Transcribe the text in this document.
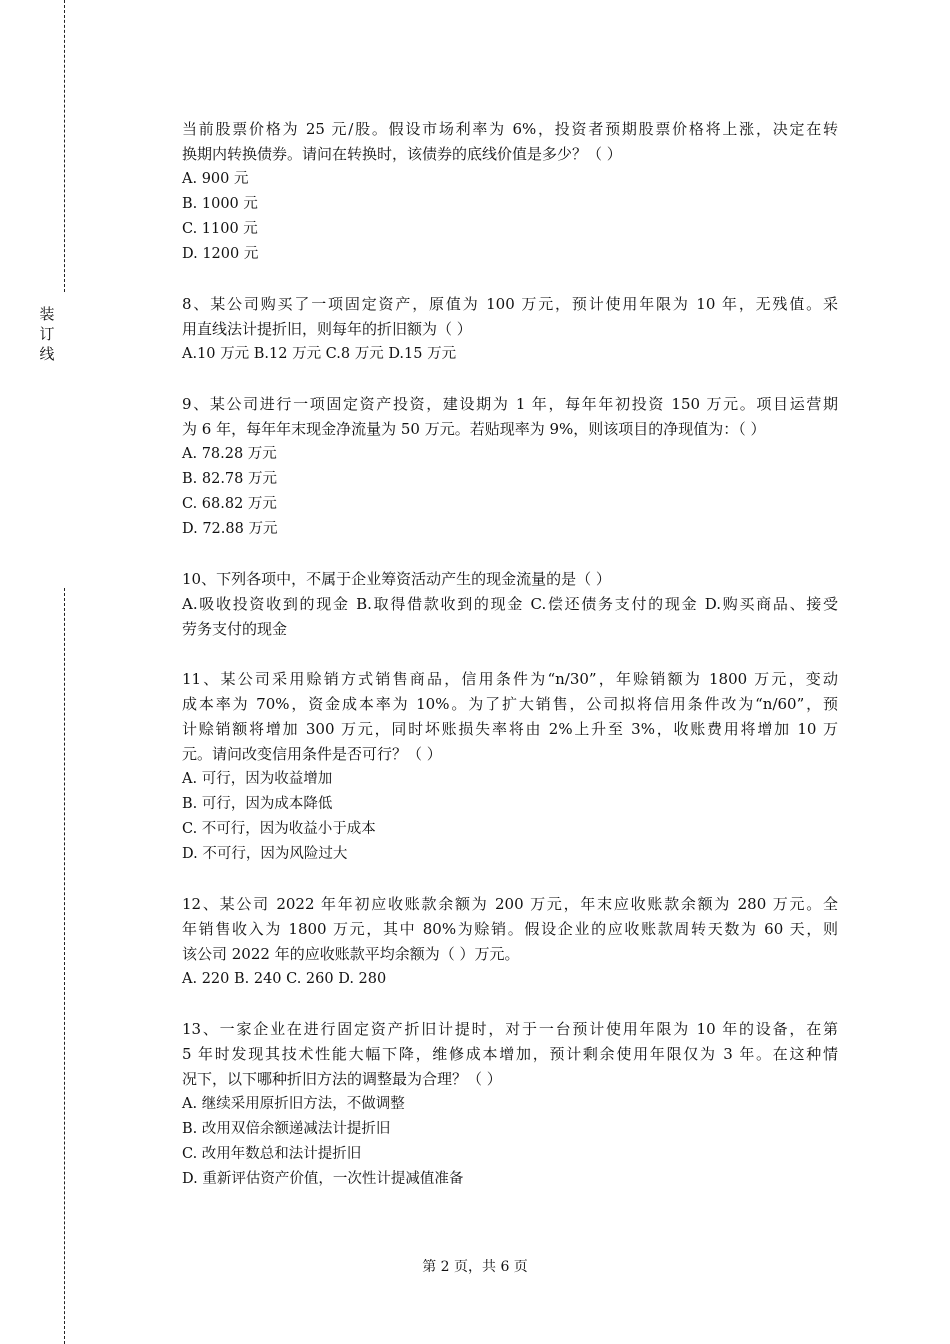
装
订
线
当前股票价格为 25 元/股。假设市场利率为 6%，投资者预期股票价格将上涨，决定在转
换期内转换债券。请问在转换时，该债券的底线价值是多少？（ ）
A. 900 元
B. 1000 元
C. 1100 元
D. 1200 元
8、某公司购买了一项固定资产，原值为 100 万元，预计使用年限为 10 年，无残值。采
用直线法计提折旧，则每年的折旧额为（ ）
A.10 万元 B.12 万元 C.8 万元 D.15 万元
9、某公司进行一项固定资产投资，建设期为 1 年，每年年初投资 150 万元。项目运营期
为 6 年，每年年末现金净流量为 50 万元。若贴现率为 9%，则该项目的净现值为：（ ）
A. 78.28 万元
B. 82.78 万元
C. 68.82 万元
D. 72.88 万元
10、下列各项中，不属于企业筹资活动产生的现金流量的是（ ）
A.吸收投资收到的现金 B.取得借款收到的现金 C.偿还债务支付的现金 D.购买商品、接受
劳务支付的现金
11、某公司采用赊销方式销售商品，信用条件为“n/30”，年赊销额为 1800 万元，变动
成本率为 70%，资金成本率为 10%。为了扩大销售，公司拟将信用条件改为“n/60”，预
计赊销额将增加 300 万元，同时坏账损失率将由 2%上升至 3%，收账费用将增加 10 万
元。请问改变信用条件是否可行？（ ）
A. 可行，因为收益增加
B. 可行，因为成本降低
C. 不可行，因为收益小于成本
D. 不可行，因为风险过大
12、某公司 2022 年年初应收账款余额为 200 万元，年末应收账款余额为 280 万元。全
年销售收入为 1800 万元，其中 80%为赊销。假设企业的应收账款周转天数为 60 天，则
该公司 2022 年的应收账款平均余额为（ ）万元。
A. 220 B. 240 C. 260 D. 280
13、一家企业在进行固定资产折旧计提时，对于一台预计使用年限为 10 年的设备，在第
5 年时发现其技术性能大幅下降，维修成本增加，预计剩余使用年限仅为 3 年。在这种情
况下，以下哪种折旧方法的调整最为合理？（ ）
A. 继续采用原折旧方法，不做调整
B. 改用双倍余额递减法计提折旧
C. 改用年数总和法计提折旧
D. 重新评估资产价值，一次性计提减值准备
第 2 页，共 6 页
